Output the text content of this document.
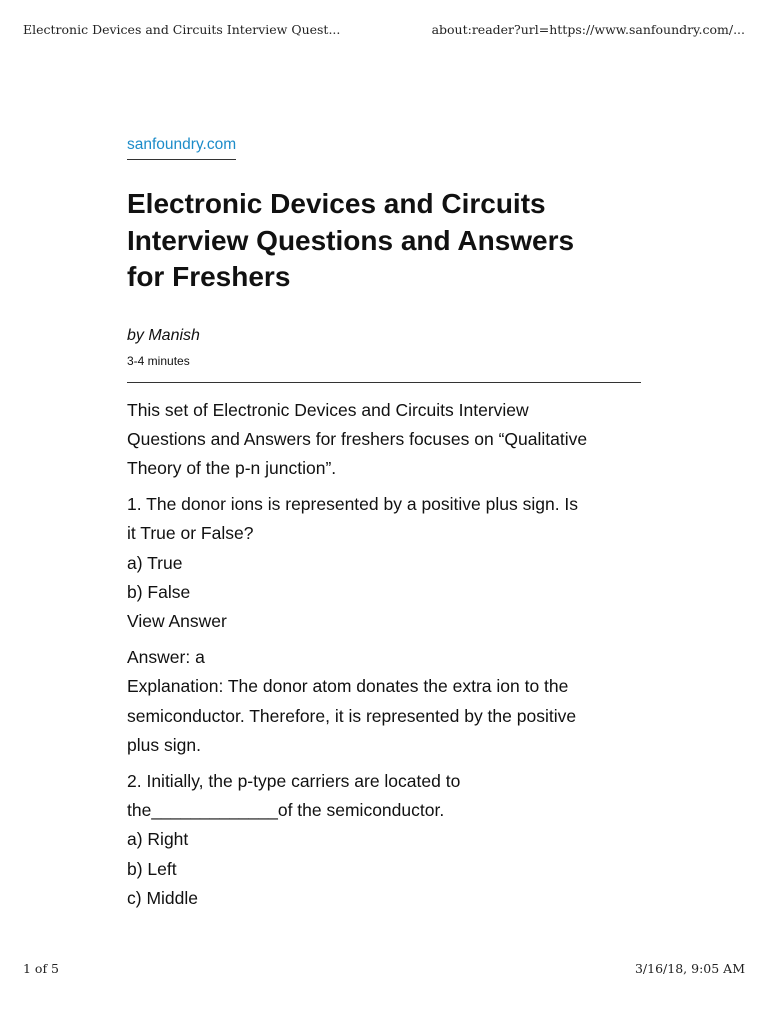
Electronic Devices and Circuits Interview Quest...	about:reader?url=https://www.sanfoundry.com/...
sanfoundry.com
Electronic Devices and Circuits
Interview Questions and Answers
for Freshers
by Manish
3-4 minutes
This set of Electronic Devices and Circuits Interview
Questions and Answers for freshers focuses on “Qualitative
Theory of the p-n junction”.
1. The donor ions is represented by a positive plus sign. Is
it True or False?
a) True
b) False
View Answer
Answer: a
Explanation: The donor atom donates the extra ion to the
semiconductor. Therefore, it is represented by the positive
plus sign.
2. Initially, the p-type carriers are located to
the_____________of the semiconductor.
a) Right
b) Left
c) Middle
1 of 5	3/16/18, 9:05 AM
